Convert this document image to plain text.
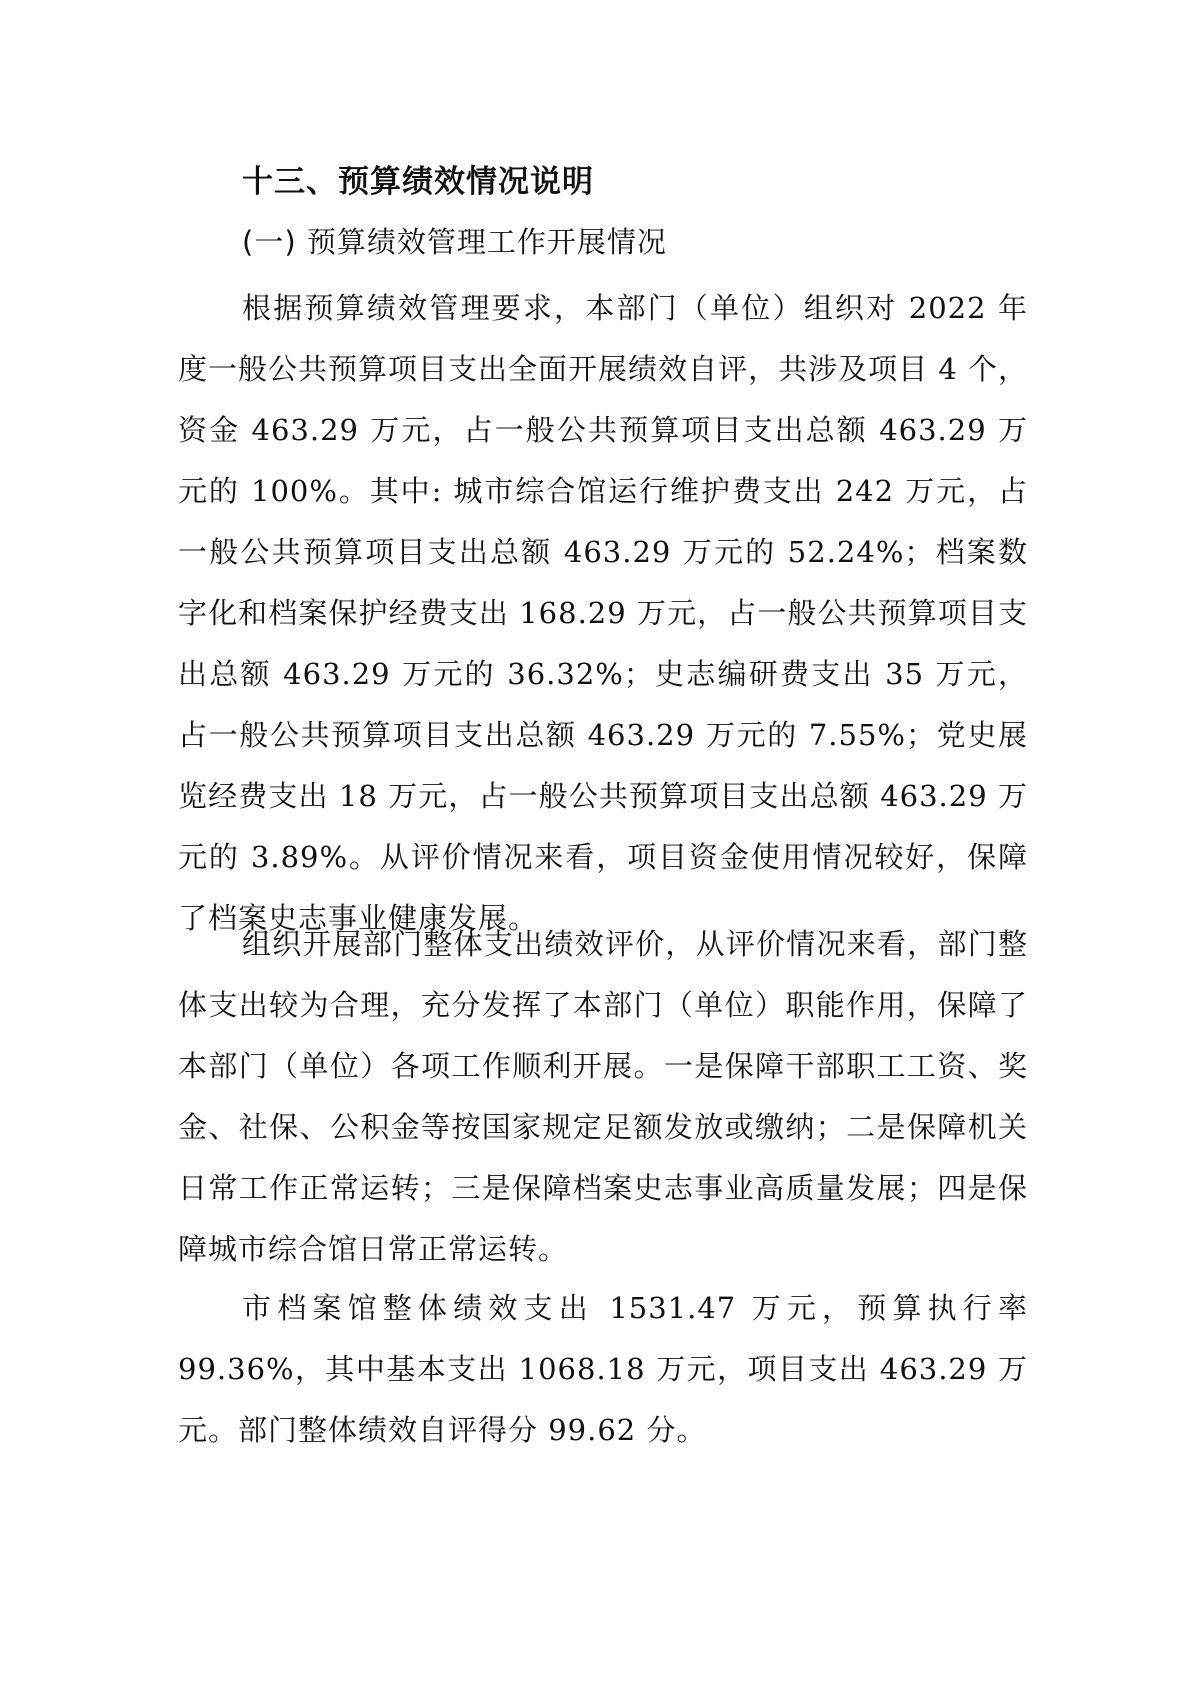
十三、预算绩效情况说明
(一) 预算绩效管理工作开展情况

根据预算绩效管理要求，本部门（单位）组织对 2022 年度一般公共预算项目支出全面开展绩效自评，共涉及项目 4 个，资金 463.29 万元，占一般公共预算项目支出总额 463.29 万元的 100%。其中: 城市综合馆运行维护费支出 242 万元，占一般公共预算项目支出总额 463.29 万元的 52.24%；档案数字化和档案保护经费支出 168.29 万元，占一般公共预算项目支出总额 463.29 万元的 36.32%；史志编研费支出 35 万元，占一般公共预算项目支出总额 463.29 万元的 7.55%；党史展览经费支出 18 万元，占一般公共预算项目支出总额 463.29 万元的 3.89%。从评价情况来看，项目资金使用情况较好，保障了档案史志事业健康发展。

组织开展部门整体支出绩效评价，从评价情况来看，部门整体支出较为合理，充分发挥了本部门（单位）职能作用，保障了本部门（单位）各项工作顺利开展。一是保障干部职工工资、奖金、社保、公积金等按国家规定足额发放或缴纳；二是保障机关日常工作正常运转；三是保障档案史志事业高质量发展；四是保障城市综合馆日常正常运转。

市档案馆整体绩效支出 1531.47 万元，预算执行率 99.36%，其中基本支出 1068.18 万元，项目支出 463.29 万元。部门整体绩效自评得分 99.62 分。
